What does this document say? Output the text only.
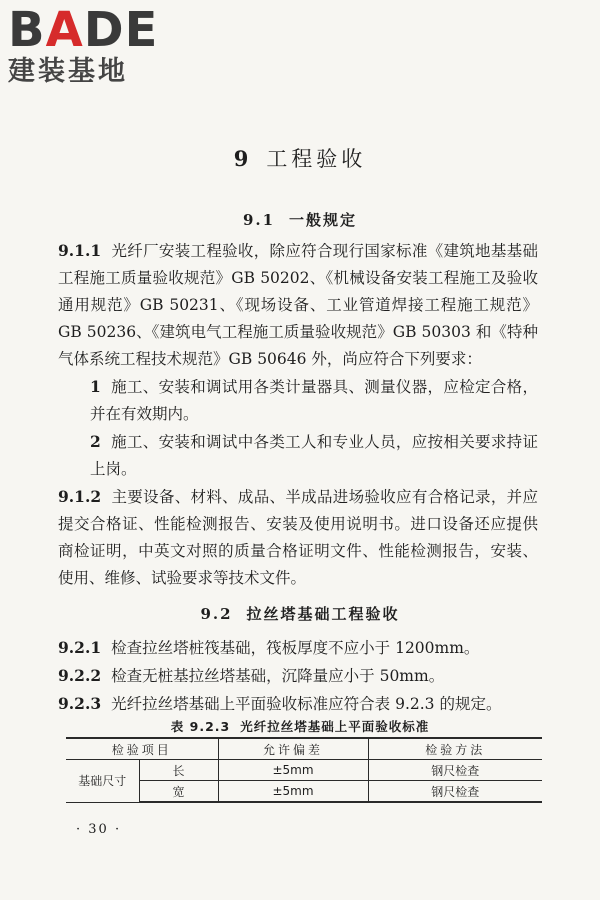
BADE
建装基地
9 工程验收
9.1 一般规定
9.1.1 光纤厂安装工程验收，除应符合现行国家标准《建筑地基基础工程施工质量验收规范》GB 50202、《机械设备安装工程施工及验收通用规范》GB 50231、《现场设备、工业管道焊接工程施工规范》GB 50236、《建筑电气工程施工质量验收规范》GB 50303 和《特种气体系统工程技术规范》GB 50646 外，尚应符合下列要求：
1 施工、安装和调试用各类计量器具、测量仪器，应检定合格，并在有效期内。
2 施工、安装和调试中各类工人和专业人员，应按相关要求持证上岗。
9.1.2 主要设备、材料、成品、半成品进场验收应有合格记录，并应提交合格证、性能检测报告、安装及使用说明书。进口设备还应提供商检证明，中英文对照的质量合格证明文件、性能检测报告，安装、使用、维修、试验要求等技术文件。
9.2 拉丝塔基础工程验收
9.2.1 检查拉丝塔桩筏基础，筏板厚度不应小于 1200mm。
9.2.2 检查无桩基拉丝塔基础，沉降量应小于 50mm。
9.2.3 光纤拉丝塔基础上平面验收标准应符合表 9.2.3 的规定。
表 9.2.3 光纤拉丝塔基础上平面验收标准
检验项目		允许偏差	检验方法
基础尺寸	长	±5mm	钢尺检查
	宽	±5mm	钢尺检查
· 30 ·
